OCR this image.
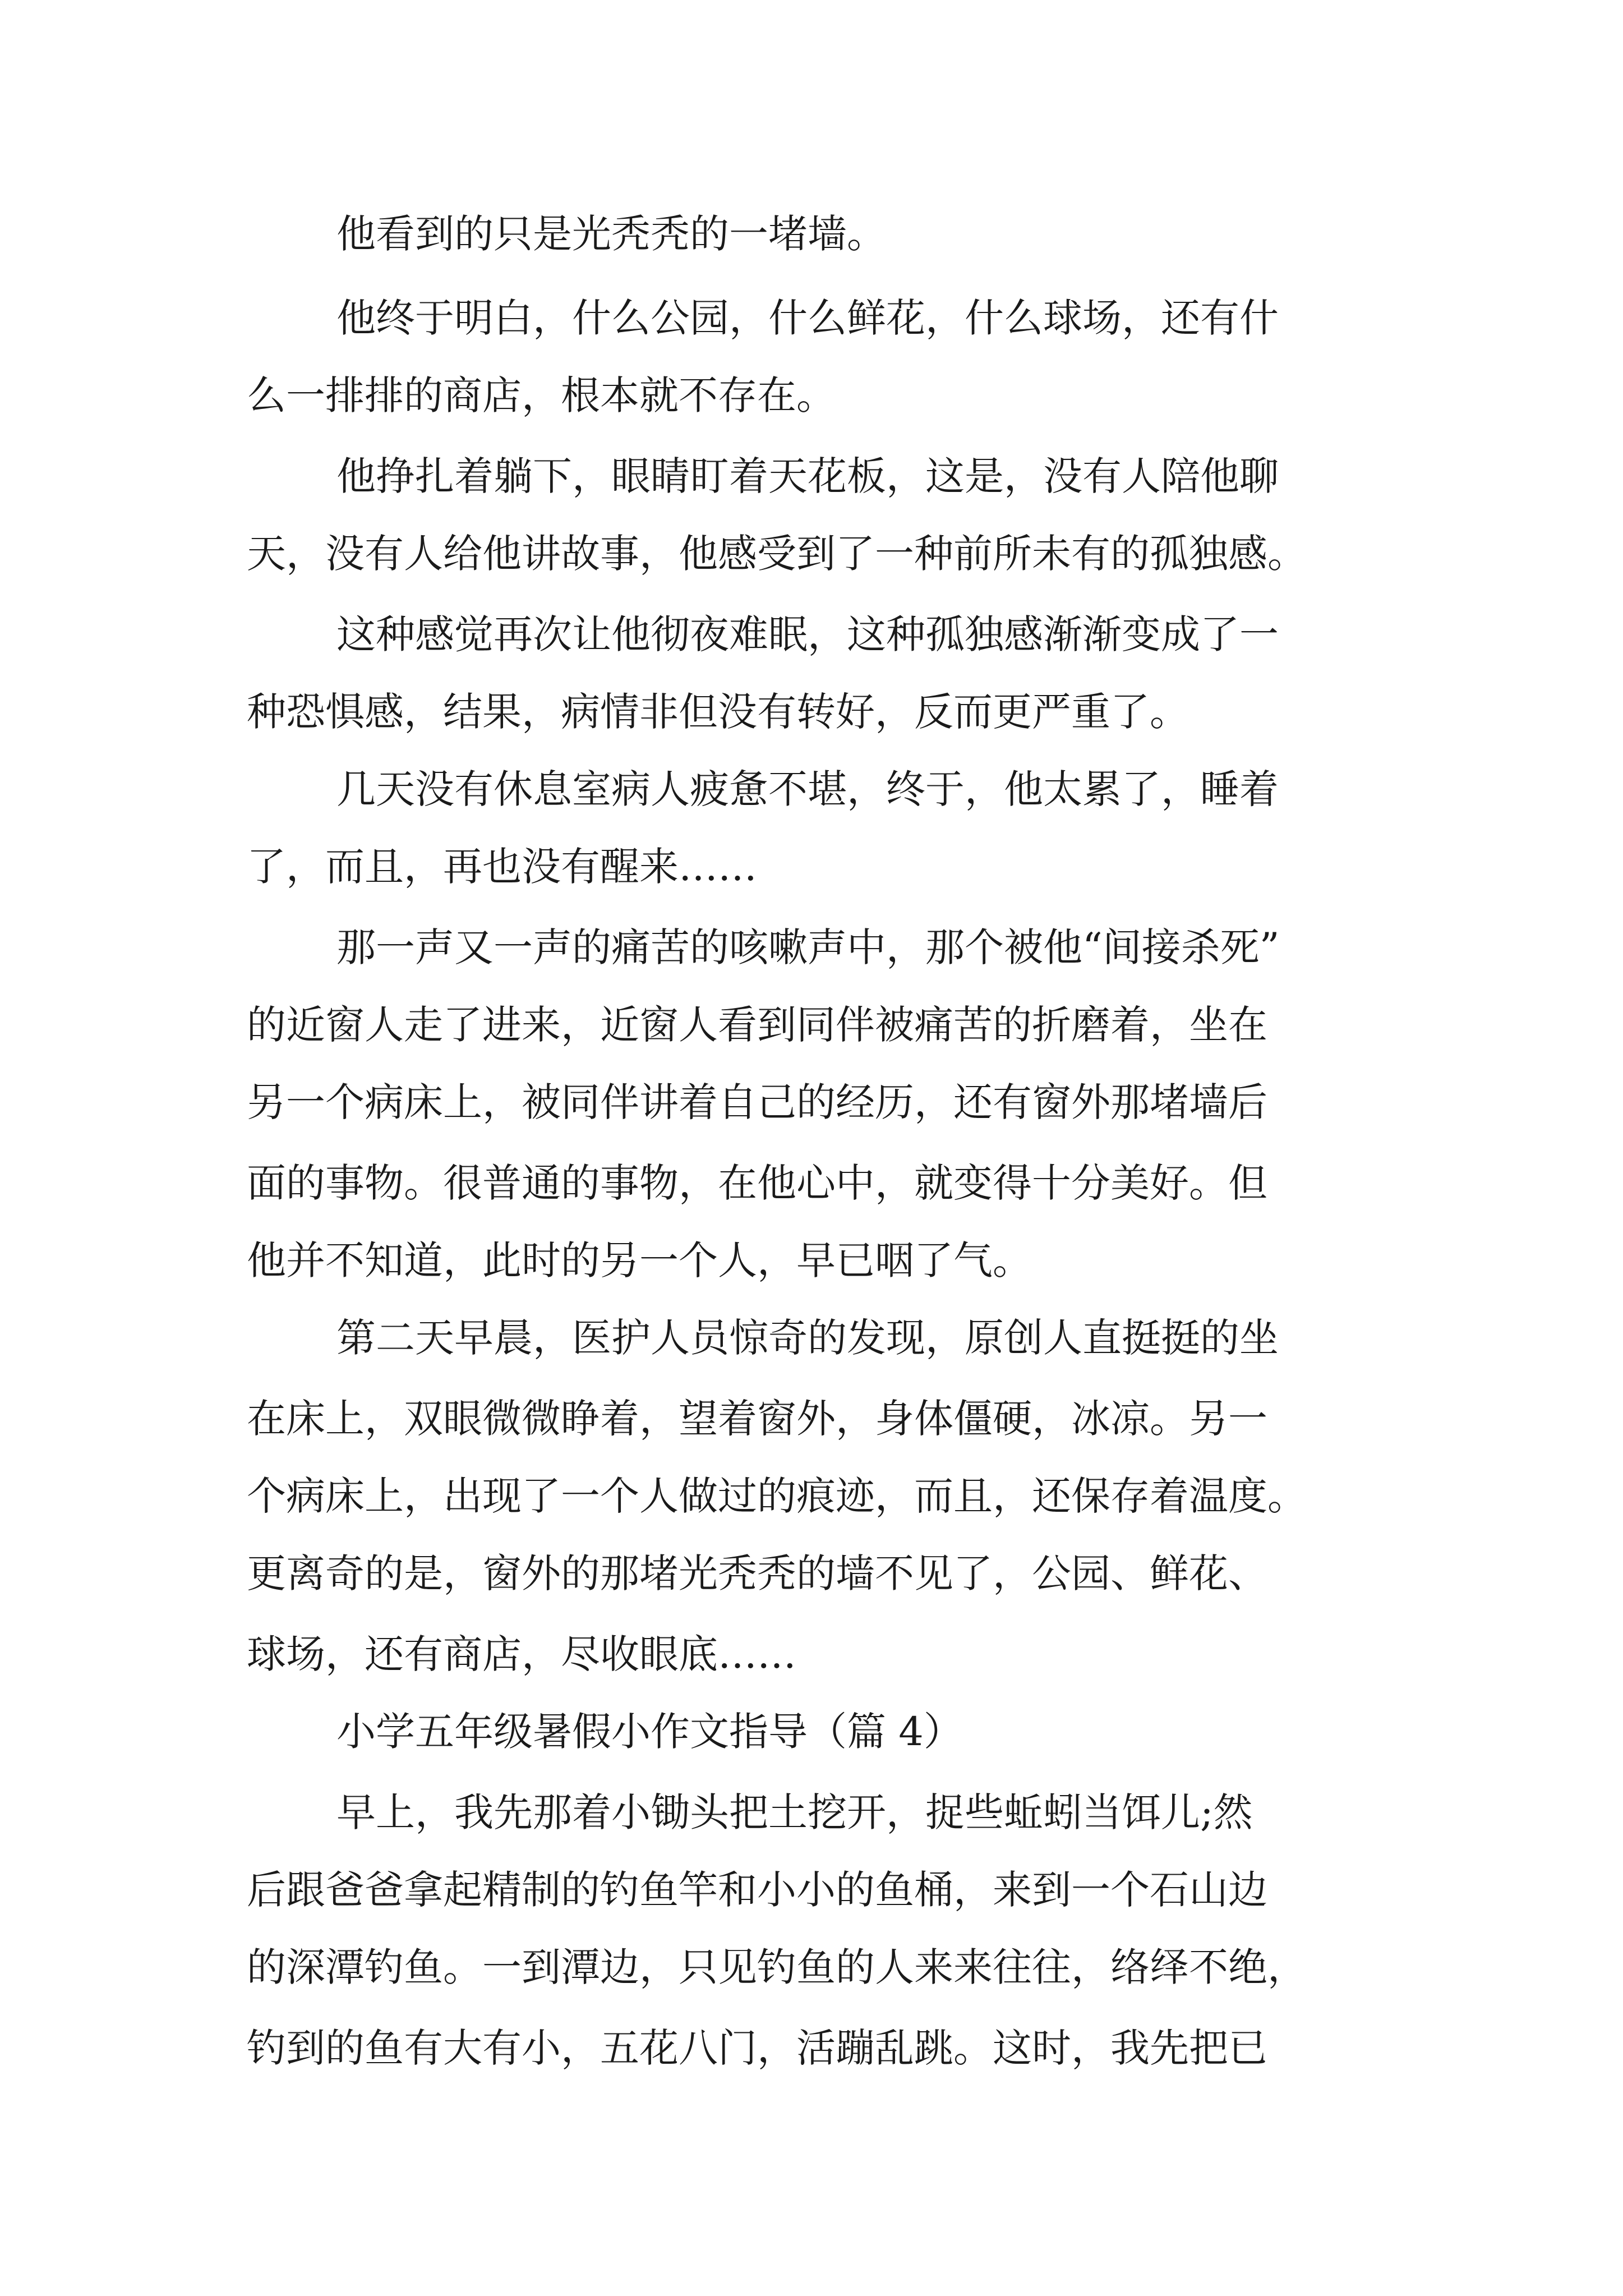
他看到的只是光秃秃的一堵墙。

他终于明白，什么公园，什么鲜花，什么球场，还有什

么一排排的商店，根本就不存在。

他挣扎着躺下，眼睛盯着天花板，这是，没有人陪他聊

天，没有人给他讲故事，他感受到了一种前所未有的孤独感。

这种感觉再次让他彻夜难眠，这种孤独感渐渐变成了一

种恐惧感，结果，病情非但没有转好，反而更严重了。

几天没有休息室病人疲惫不堪，终于，他太累了，睡着

了，而且，再也没有醒来……

那一声又一声的痛苦的咳嗽声中，那个被他“间接杀死”

的近窗人走了进来，近窗人看到同伴被痛苦的折磨着，坐在

另一个病床上，被同伴讲着自己的经历，还有窗外那堵墙后

面的事物。很普通的事物，在他心中，就变得十分美好。但

他并不知道，此时的另一个人，早已咽了气。

第二天早晨，医护人员惊奇的发现，原创人直挺挺的坐

在床上，双眼微微睁着，望着窗外，身体僵硬，冰凉。另一

个病床上，出现了一个人做过的痕迹，而且，还保存着温度。

更离奇的是，窗外的那堵光秃秃的墙不见了，公园、鲜花、

球场，还有商店，尽收眼底……

小学五年级暑假小作文指导（篇 4）

早上，我先那着小锄头把土挖开，捉些蚯蚓当饵儿;然

后跟爸爸拿起精制的钓鱼竿和小小的鱼桶，来到一个石山边

的深潭钓鱼。一到潭边，只见钓鱼的人来来往往，络绎不绝，

钓到的鱼有大有小，五花八门，活蹦乱跳。这时，我先把已
